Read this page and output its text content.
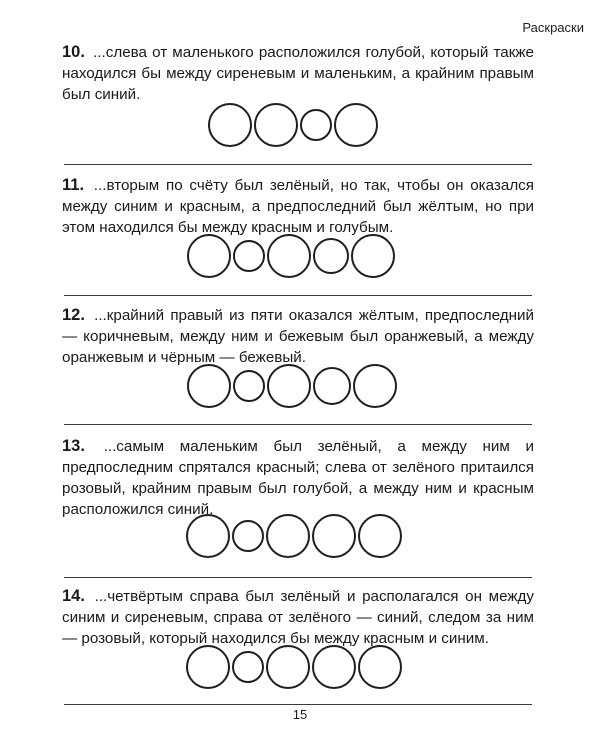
Раскраски
10. ...слева от маленького расположился голубой, который также находился бы между сиреневым и маленьким, а крайним правым был синий.
11. ...вторым по счёту был зелёный, но так, чтобы он оказался между синим и красным, а предпоследний был жёлтым, но при этом находился бы между красным и голубым.
12. ...крайний правый из пяти оказался жёлтым, предпоследний — коричневым, между ним и бежевым был оранжевый, а между оранжевым и чёрным — бежевый.
13. ...самым маленьким был зелёный, а между ним и предпоследним спрятался красный; слева от зелёного притаился розовый, крайним правым был голубой, а между ним и красным расположился синий.
14. ...четвёртым справа был зелёный и располагался он между синим и сиреневым, справа от зелёного — синий, следом за ним — розовый, который находился бы между красным и синим.
15
